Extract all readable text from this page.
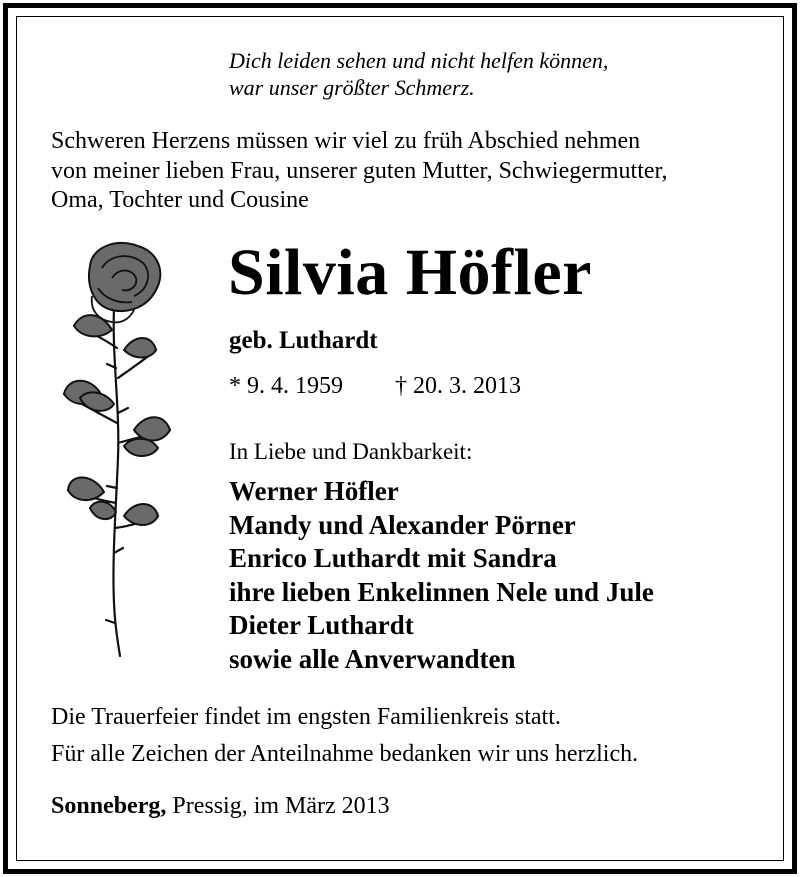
Dich leiden sehen und nicht helfen können,
war unser größter Schmerz.
Schweren Herzens müssen wir viel zu früh Abschied nehmen
von meiner lieben Frau, unserer guten Mutter, Schwiegermutter,
Oma, Tochter und Cousine
Silvia Höfler
geb. Luthardt
* 9. 4. 1959 † 20. 3. 2013
In Liebe und Dankbarkeit:
Werner Höfler
Mandy und Alexander Pörner
Enrico Luthardt mit Sandra
ihre lieben Enkelinnen Nele und Jule
Dieter Luthardt
sowie alle Anverwandten
Die Trauerfeier findet im engsten Familienkreis statt.
Für alle Zeichen der Anteilnahme bedanken wir uns herzlich.
Sonneberg, Pressig, im März 2013
